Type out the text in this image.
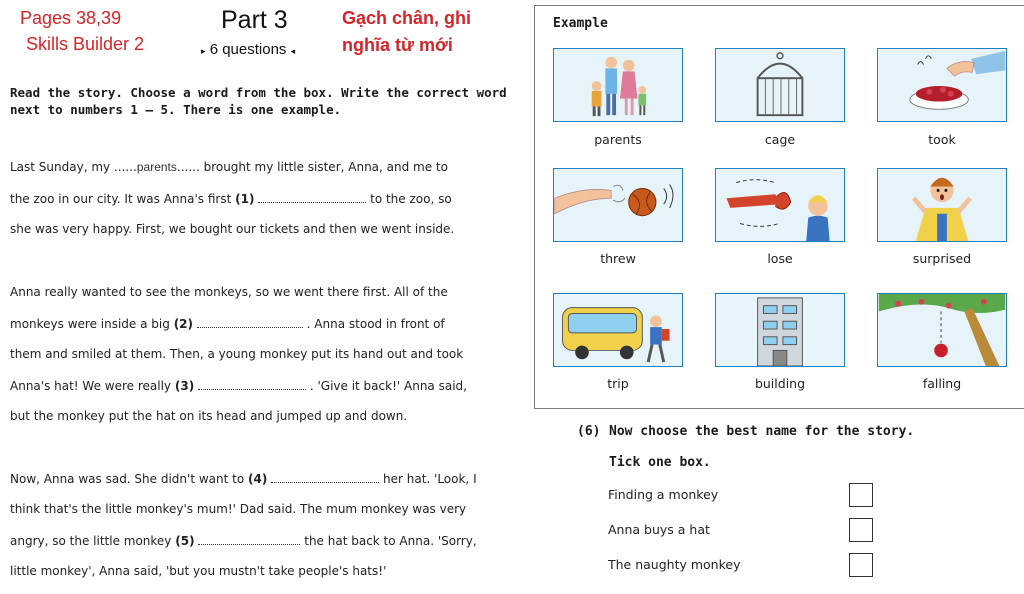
Pages 38,39
Skills Builder 2
Part 3
▸ 6 questions ◂
Gạch chân, ghi
nghĩa từ mới
Read the story. Choose a word from the box. Write the correct word
next to numbers 1 – 5. There is one example.
Last Sunday, my ......parents...... brought my little sister, Anna, and me to
the zoo in our city. It was Anna's first (1)	to the zoo, so
she was very happy. First, we bought our tickets and then we went inside.
Anna really wanted to see the monkeys, so we went there first. All of the
monkeys were inside a big (2)	. Anna stood in front of
them and smiled at them. Then, a young monkey put its hand out and took
Anna's hat! We were really (3)	. 'Give it back!' Anna said,
but the monkey put the hat on its head and jumped up and down.
Now, Anna was sad. She didn't want to (4)	her hat. 'Look, I
think that's the little monkey's mum!' Dad said. The mum monkey was very
angry, so the little monkey (5)	the hat back to Anna. 'Sorry,
little monkey', Anna said, 'but you mustn't take people's hats!'
Example
parents	cage	took
threw	lose	surprised
trip	building	falling
(6) Now choose the best name for the story.
Tick one box.
Finding a monkey
Anna buys a hat
The naughty monkey
